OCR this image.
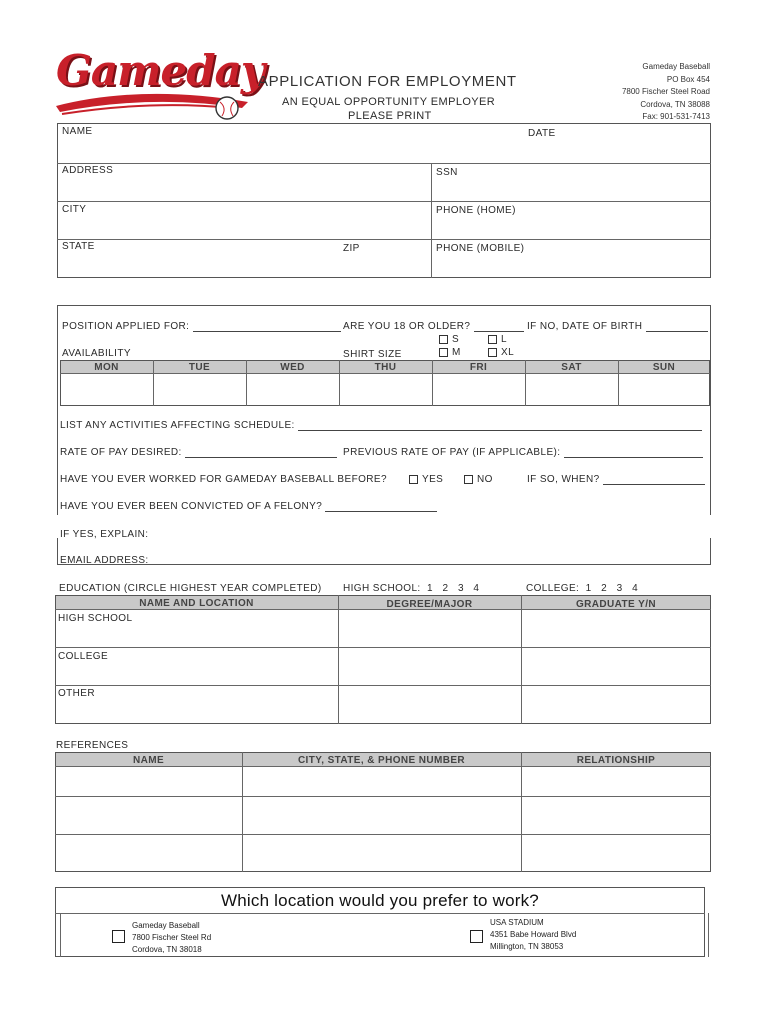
Gameday
APPLICATION FOR EMPLOYMENT
AN EQUAL OPPORTUNITY EMPLOYER
PLEASE PRINT
Gameday Baseball
PO Box 454
7800 Fischer Steel Road
Cordova, TN 38088
Fax: 901-531-7413
NAME	DATE
ADDRESS	SSN
CITY	PHONE (HOME)
STATE	ZIP	PHONE (MOBILE)
POSITION APPLIED FOR:	ARE YOU 18 OR OLDER?	IF NO, DATE OF BIRTH
S	L
M	XL
AVAILABILITY	SHIRT SIZE
MON	TUE	WED	THU	FRI	SAT	SUN
LIST ANY ACTIVITIES AFFECTING SCHEDULE:
RATE OF PAY DESIRED:	PREVIOUS RATE OF PAY (IF APPLICABLE):
HAVE YOU EVER WORKED FOR GAMEDAY BASEBALL BEFORE?	YES	NO	IF SO, WHEN?
HAVE YOU EVER BEEN CONVICTED OF A FELONY?
IF YES, EXPLAIN:
EMAIL ADDRESS:
EDUCATION (CIRCLE HIGHEST YEAR COMPLETED) HIGH SCHOOL:  1   2   3   4	COLLEGE:  1   2   3   4
NAME AND LOCATION	DEGREE/MAJOR	GRADUATE Y/N
HIGH SCHOOL
COLLEGE
OTHER
REFERENCES
NAME	CITY, STATE, & PHONE NUMBER	RELATIONSHIP
Which location would you prefer to work?
Gameday Baseball
7800 Fischer Steel Rd
Cordova, TN 38018
USA STADIUM
4351 Babe Howard Blvd
Millington, TN 38053
